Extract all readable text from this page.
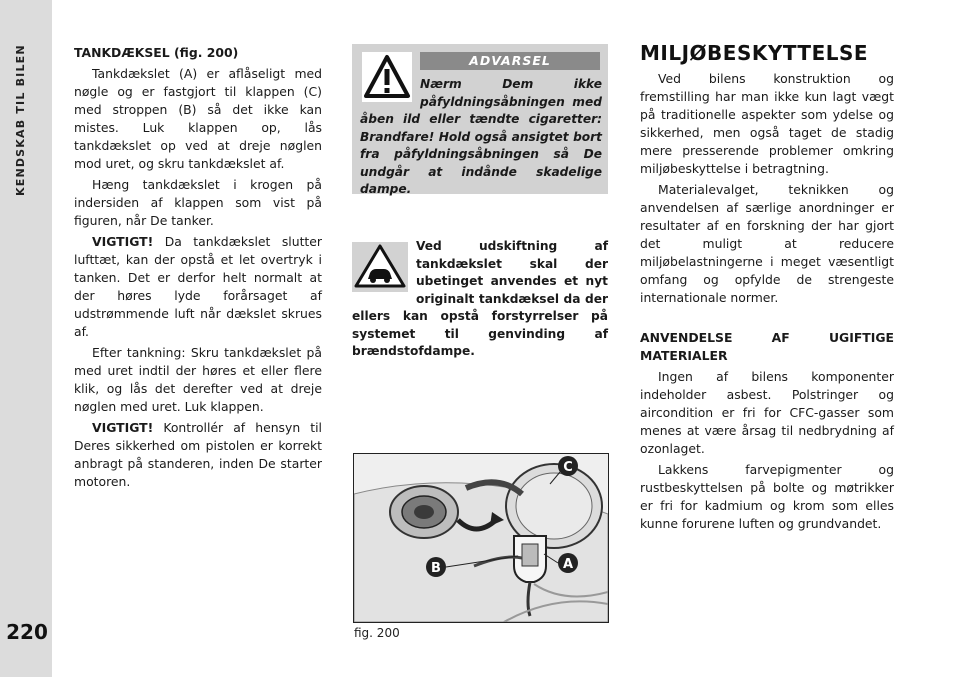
KENDSKAB TIL BILEN
220
TANKDÆKSEL (fig. 200)

Tankdækslet (A) er aflåseligt med nøgle og er fastgjort til klappen (C) med stroppen (B) så det ikke kan mistes. Luk klappen op, lås tankdækslet op ved at dreje nøglen mod uret, og skru tankdækslet af.

Hæng tankdækslet i krogen på indersiden af klappen som vist på figuren, når De tanker.

VIGTIGT! Da tankdækslet slutter lufttæt, kan der opstå et let overtryk i tanken. Det er derfor helt normalt at der høres lyde forårsaget af udstrømmende luft når dækslet skrues af.

Efter tankning: Skru tankdækslet på med uret indtil der høres et eller flere klik, og lås det derefter ved at dreje nøglen med uret. Luk klappen.

VIGTIGT! Kontrollér af hensyn til Deres sikkerhed om pistolen er korrekt anbragt på standeren, inden De starter motoren.

ADVARSEL
Nærm Dem ikke påfyldningsåbningen med åben ild eller tændte cigaretter: Brandfare! Hold også ansigtet bort fra påfyldningsåbningen så De undgår at indånde skadelige dampe.
Ved udskiftning af tankdækslet skal der ubetinget anvendes et nyt originalt tankdæksel da der ellers kan opstå forstyrrelser på systemet til genvinding af brændstofdampe.
C
B	A
fig. 200
MILJØBESKYTTELSE

Ved bilens konstruktion og fremstilling har man ikke kun lagt vægt på traditionelle aspekter som ydelse og sikkerhed, men også taget de stadig mere presserende problemer omkring miljøbeskyttelse i betragtning.

Materialevalget, teknikken og anvendelsen af særlige anordninger er resultater af en forskning der har gjort det muligt at reducere miljøbelastningerne i meget væsentligt omfang og opfylde de strengeste internationale normer.

ANVENDELSE AF UGIFTIGE MATERIALER

Ingen af bilens komponenter indeholder asbest. Polstringer og aircondition er fri for CFC-gasser som menes at være årsag til nedbrydning af ozonlaget.

Lakkens farvepigmenter og rustbeskyttelsen på bolte og møtrikker er fri for kadmium og krom som elles kunne forurene luften og grundvandet.
